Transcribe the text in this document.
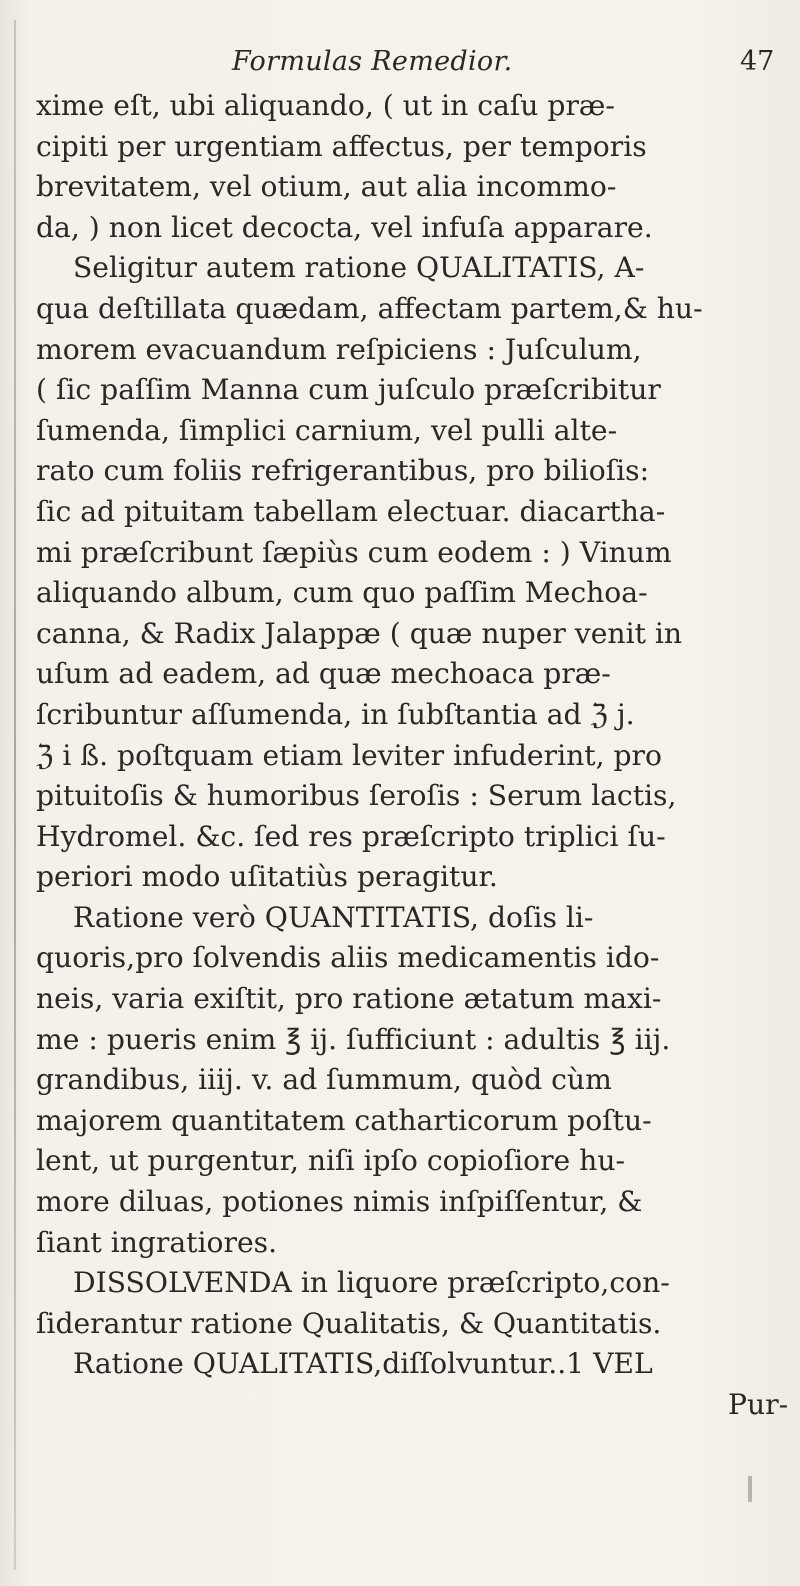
Formulas Remedior.	47
xime eſt, ubi aliquando, ( ut in caſu præ-
cipiti per urgentiam affectus, per temporis
brevitatem, vel otium, aut alia incommo-
da, ) non licet decocta, vel infuſa apparare.
Seligitur autem ratione QUALITATIS, A-
qua deſtillata quædam, affectam partem,& hu-
morem evacuandum reſpiciens : Juſculum,
( ſic paſſim Manna cum juſculo præſcribitur
ſumenda, ſimplici carnium, vel pulli alte-
rato cum foliis refrigerantibus, pro bilioſis:
ſic ad pituitam tabellam electuar. diacartha-
mi præſcribunt ſæpiùs cum eodem : ) Vinum
aliquando album, cum quo paſſim Mechoa-
canna, & Radix Jalappæ ( quæ nuper venit in
uſum ad eadem, ad quæ mechoaca præ-
ſcribuntur aſſumenda, in ſubſtantia ad ℨ j.
ℨ i ß. poſtquam etiam leviter infuderint, pro
pituitoſis & humoribus ſeroſis : Serum lactis,
Hydromel. &c. ſed res præſcripto triplici ſu-
periori modo uſitatiùs peragitur.
Ratione verò QUANTITATIS, doſis li-
quoris,pro ſolvendis aliis medicamentis ido-
neis, varia exiſtit, pro ratione ætatum maxi-
me : pueris enim ℥ ij. ſufficiunt : adultis ℥ iij.
grandibus, iiij. v. ad ſummum, quòd cùm
majorem quantitatem catharticorum poſtu-
lent, ut purgentur, niſi ipſo copioſiore hu-
more diluas, potiones nimis inſpiſſentur, &
ſiant ingratiores.
DISSOLVENDA in liquore præſcripto,con-
ſiderantur ratione Qualitatis, & Quantitatis.
Ratione QUALITATIS,diſſolvuntur..1 VEL
Pur-
